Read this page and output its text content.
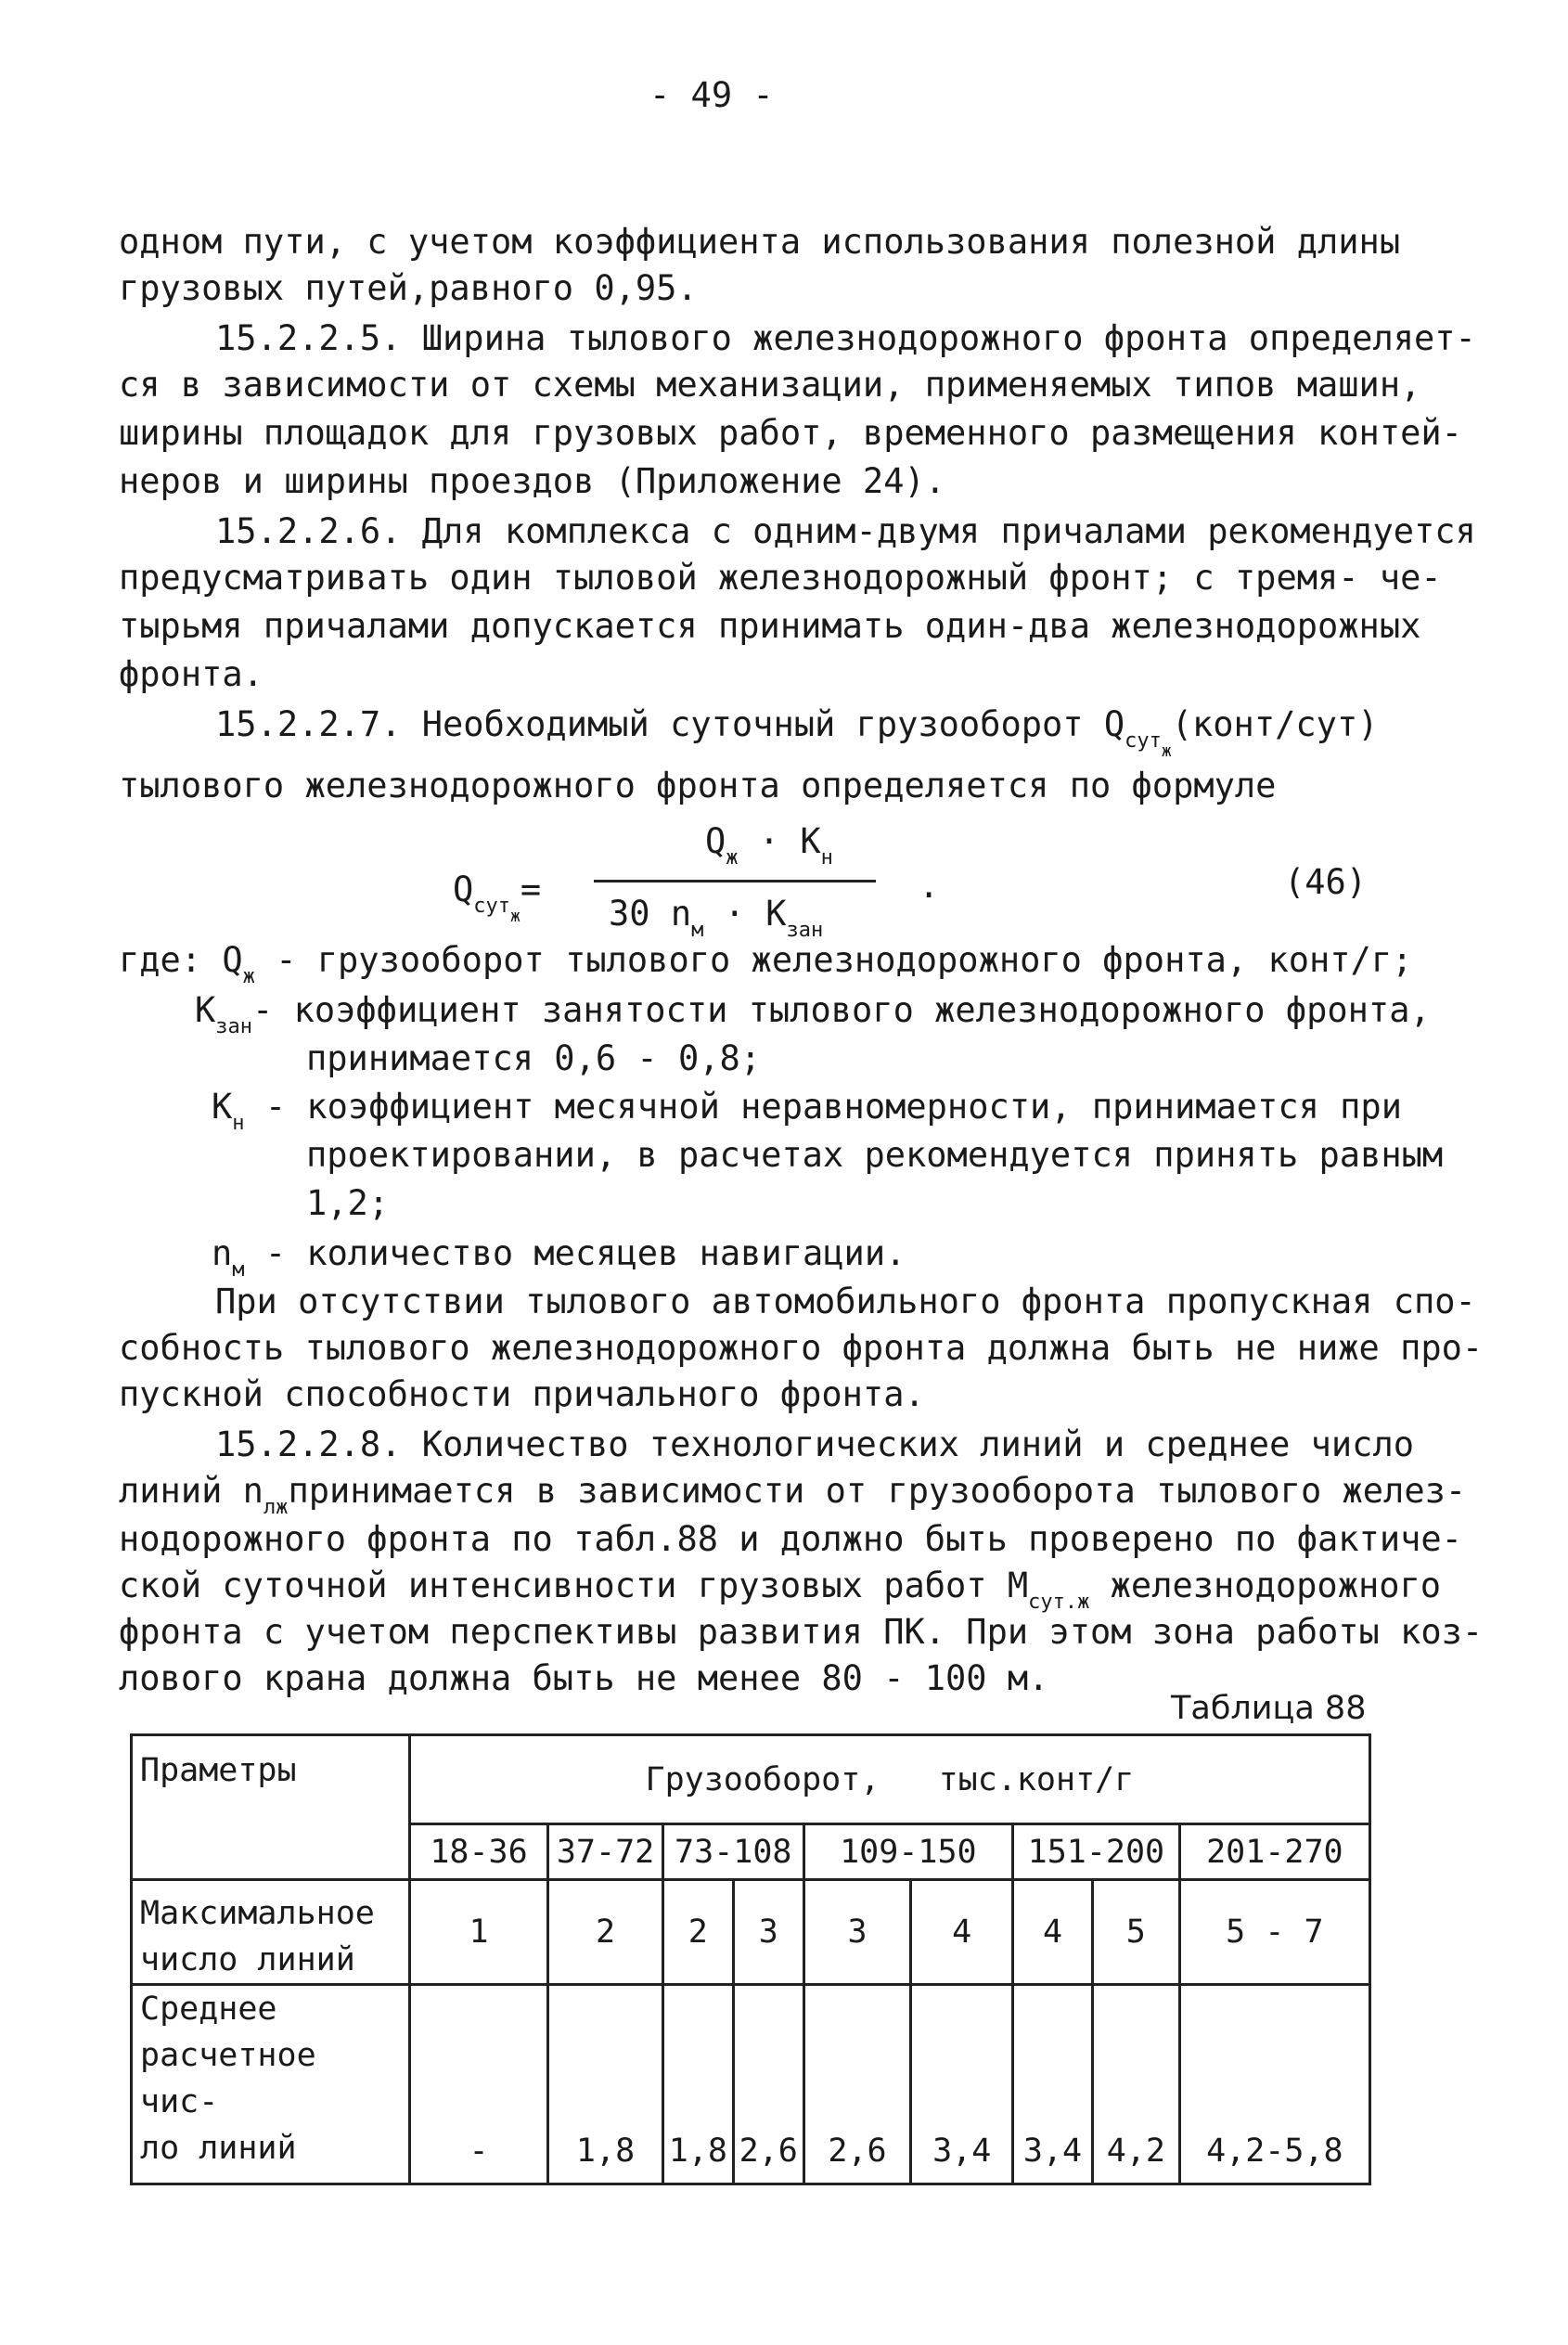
- 49 -
одном пути, с учетом коэффициента использования полезной длины
грузовых путей,равного 0,95.
15.2.2.5. Ширина тылового железнодорожного фронта определяет-
ся в зависимости от схемы механизации, применяемых типов машин,
ширины площадок для грузовых работ, временного размещения контей-
неров и ширины проездов (Приложение 24).
15.2.2.6. Для комплекса с одним-двумя причалами рекомендуется
предусматривать один тыловой железнодорожный фронт; с тремя- че-
тырьмя причалами допускается принимать один-два железнодорожных
фронта.
15.2.2.7. Необходимый суточный грузооборот $Q_{сутж}(конт/сут)$
тылового железнодорожного фронта определяется по формуле
$Q_{сутж}=$
$Q_ж \cdot K_н$
30 $n_м \cdot K_{зан}$
.	(46)
где: $Q_ж$ - грузооборот тылового железнодорожного фронта, конт/г;
$K_{зан}-$ коэффициент занятости тылового железнодорожного фронта,
принимается 0,6 - 0,8;
$K_н$ - коэффициент месячной неравномерности, принимается при
проектировании, в расчетах рекомендуется принять равным
1,2;
$n_м$ - количество месяцев навигации.
При отсутствии тылового автомобильного фронта пропускная спо-
собность тылового железнодорожного фронта должна быть не ниже про-
пускной способности причального фронта.
15.2.2.8. Количество технологических линий и среднее число
линий $n_{лж}принимается$ в зависимости от грузооборота тылового желез-
нодорожного фронта по табл.88 и должно быть проверено по фактиче-
ской суточной интенсивности грузовых работ $M_{сут.ж}$ железнодорожного
фронта с учетом перспективы развития ПК. При этом зона работы коз-
лового крана должна быть не менее 80 - 100 м.
Таблица 88
Праметры	Грузооборот,   тыс.конт/г								
	18-36	37-72	73-108		109-150		151-200		201-270

Максимальное
число линий	1	2	2	3	3	4	4	5	5 - 7

Среднее
расчетное чис-
ло линий	-	1,8	1,8	2,6	2,6	3,4	3,4	4,2	4,2-5,8
